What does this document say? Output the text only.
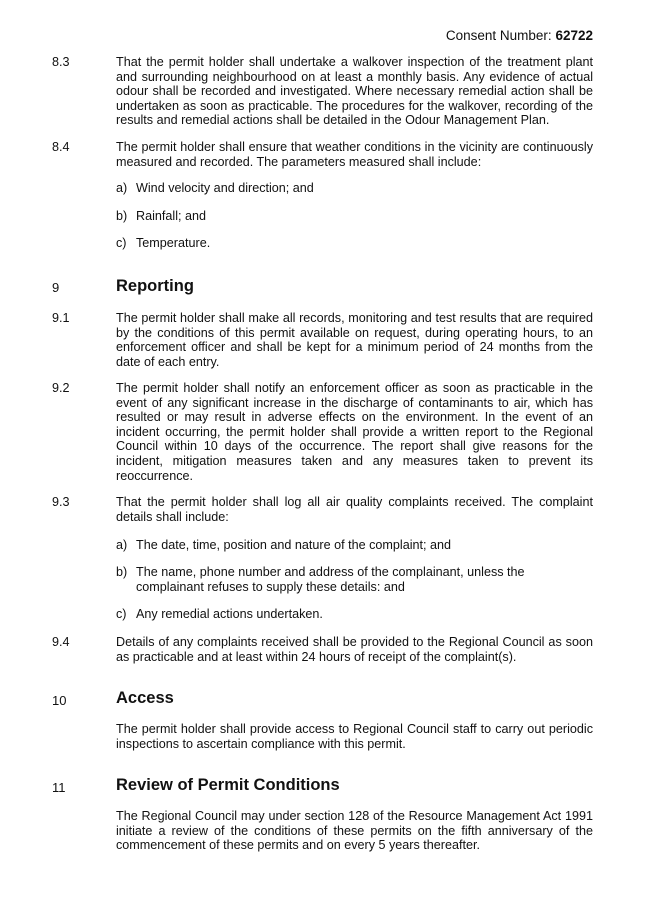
Consent Number: 62722
8.3	That the permit holder shall undertake a walkover inspection of the treatment plant and surrounding neighbourhood on at least a monthly basis. Any evidence of actual odour shall be recorded and investigated. Where necessary remedial action shall be undertaken as soon as practicable. The procedures for the walkover, recording of the results and remedial actions shall be detailed in the Odour Management Plan.
8.4	The permit holder shall ensure that weather conditions in the vicinity are continuously measured and recorded. The parameters measured shall include:
a) Wind velocity and direction; and
b) Rainfall; and
c) Temperature.
9	Reporting
9.1	The permit holder shall make all records, monitoring and test results that are required by the conditions of this permit available on request, during operating hours, to an enforcement officer and shall be kept for a minimum period of 24 months from the date of each entry.
9.2	The permit holder shall notify an enforcement officer as soon as practicable in the event of any significant increase in the discharge of contaminants to air, which has resulted or may result in adverse effects on the environment. In the event of an incident occurring, the permit holder shall provide a written report to the Regional Council within 10 days of the occurrence. The report shall give reasons for the incident, mitigation measures taken and any measures taken to prevent its reoccurrence.
9.3	That the permit holder shall log all air quality complaints received. The complaint details shall include:
a) The date, time, position and nature of the complaint; and
b) The name, phone number and address of the complainant, unless the complainant refuses to supply these details: and
c) Any remedial actions undertaken.
9.4	Details of any complaints received shall be provided to the Regional Council as soon as practicable and at least within 24 hours of receipt of the complaint(s).
10	Access
The permit holder shall provide access to Regional Council staff to carry out periodic inspections to ascertain compliance with this permit.
11	Review of Permit Conditions
The Regional Council may under section 128 of the Resource Management Act 1991 initiate a review of the conditions of these permits on the fifth anniversary of the commencement of these permits and on every 5 years thereafter.
